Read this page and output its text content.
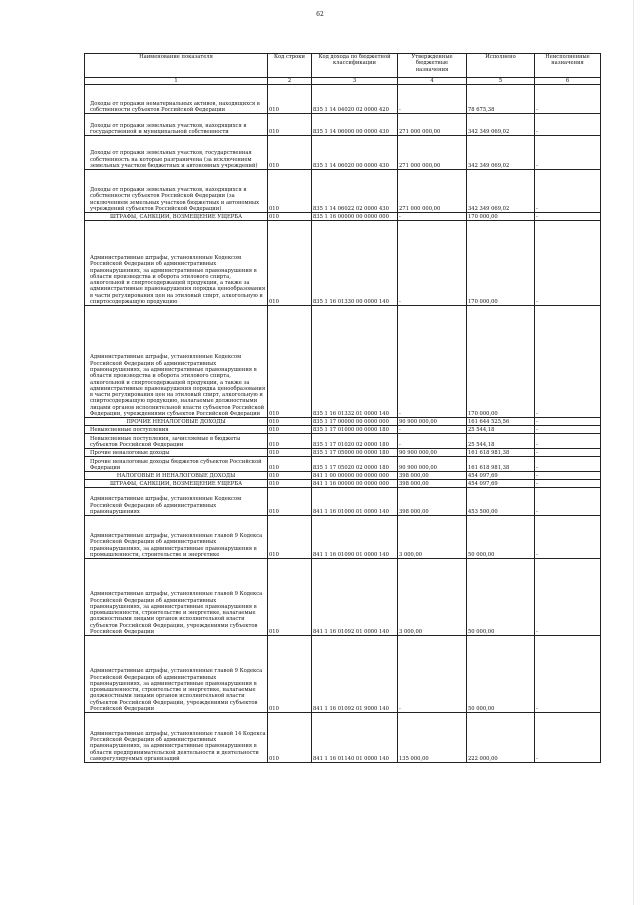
62
Наименование показателя	Код строки	Код дохода по бюджетной классификации	Утвержденные бюджетные назначения	Исполнено	Неисполненные назначения
1	2	3	4	5	6
Доходы от продажи нематериальных активов, находящихся в собственности субъектов Российской Федерации	010	835 1 14 04020 02 0000 420	-	78 675,38	-
Доходы от продажи земельных участков, находящихся в государственной и муниципальной собственности	010	835 1 14 06000 00 0000 430	271 000 000,00	342 349 069,02	-
Доходы от продажи земельных участков, государственная собственность на которые разграничена (за исключением земельных участков бюджетных и автономных учреждений)	010	835 1 14 06020 00 0000 430	271 000 000,00	342 349 069,02	-
Доходы от продажи земельных участков, находящихся в собственности субъектов Российской Федерации (за исключением земельных участков бюджетных и автономных учреждений субъектов Российской Федерации)	010	835 1 14 06022 02 0000 430	271 000 000,00	342 349 069,02	-
ШТРАФЫ, САНКЦИИ, ВОЗМЕЩЕНИЕ УЩЕРБА	010	835 1 16 00000 00 0000 000	-	170 000,00	-
Административные штрафы, установленные Кодексом Российской Федерации об административных правонарушениях, за административные правонарушения в области производства и оборота этилового спирта, алкогольной и спиртосодержащей продукции, а также за административные правонарушения порядка ценообразования в части регулирования цен на этиловый спирт, алкогольную и спиртосодержащую продукцию	010	835 1 16 01330 00 0000 140	-	170 000,00	-
Административные штрафы, установленные Кодексом Российской Федерации об административных правонарушениях, за административные правонарушения в области производства и оборота этилового спирта, алкогольной и спиртосодержащей продукции, а также за административные правонарушения порядка ценообразования в части регулирования цен на этиловый спирт, алкогольную и спиртосодержащую продукцию, налагаемые должностными лицами органов исполнительной власти субъектов Российской Федерации, учреждениями субъектов Российской Федерации	010	835 1 16 01332 01 0000 140	-	170 000,00	-
ПРОЧИЕ НЕНАЛОГОВЫЕ ДОХОДЫ	010	835 1 17 00000 00 0000 000	90 900 000,00	161 644 525,56	-
Невыясненные поступления	010	835 1 17 01000 00 0000 180	-	25 544,18	-
Невыясненные поступления, зачисляемые в бюджеты субъектов Российской Федерации	010	835 1 17 01020 02 0000 180	-	25 544,18	-
Прочие неналоговые доходы	010	835 1 17 05000 00 0000 180	90 900 000,00	161 618 981,38	-
Прочие неналоговые доходы бюджетов субъектов Российской Федерации	010	835 1 17 05020 02 0000 180	90 900 000,00	161 618 981,38	-
НАЛОГОВЫЕ И НЕНАЛОГОВЫЕ ДОХОДЫ	010	841 1 00 00000 00 0000 000	398 000,00	454 097,69	-
ШТРАФЫ, САНКЦИИ, ВОЗМЕЩЕНИЕ УЩЕРБА	010	841 1 16 00000 00 0000 000	398 000,00	454 097,69	-
Административные штрафы, установленные Кодексом Российской Федерации об административных правонарушениях	010	841 1 16 01000 01 0000 140	398 000,00	453 500,00	-
Административные штрафы, установленные главой 9 Кодекса Российской Федерации об административных правонарушениях, за административные правонарушения в промышленности, строительстве и энергетике	010	841 1 16 01090 01 0000 140	3 000,00	50 000,00	-
Административные штрафы, установленные главой 9 Кодекса Российской Федерации об административных правонарушениях, за административные правонарушения в промышленности, строительстве и энергетике, налагаемые должностными лицами органов исполнительной власти субъектов Российской Федерации, учреждениями субъектов Российской Федерации	010	841 1 16 01092 01 0000 140	3 000,00	50 000,00	-
Административные штрафы, установленные главой 9 Кодекса Российской Федерации об административных правонарушениях, за административные правонарушения в промышленности, строительстве и энергетике, налагаемые должностными лицами органов исполнительной власти субъектов Российской Федерации, учреждениями субъектов Российской Федерации	010	841 1 16 01092 01 9000 140	-	50 000,00	-
Административные штрафы, установленные главой 14 Кодекса Российской Федерации об административных правонарушениях, за административные правонарушения в области предпринимательской деятельности и деятельности саморегулируемых организаций	010	841 1 16 01140 01 0000 140	135 000,00	222 000,00	-
